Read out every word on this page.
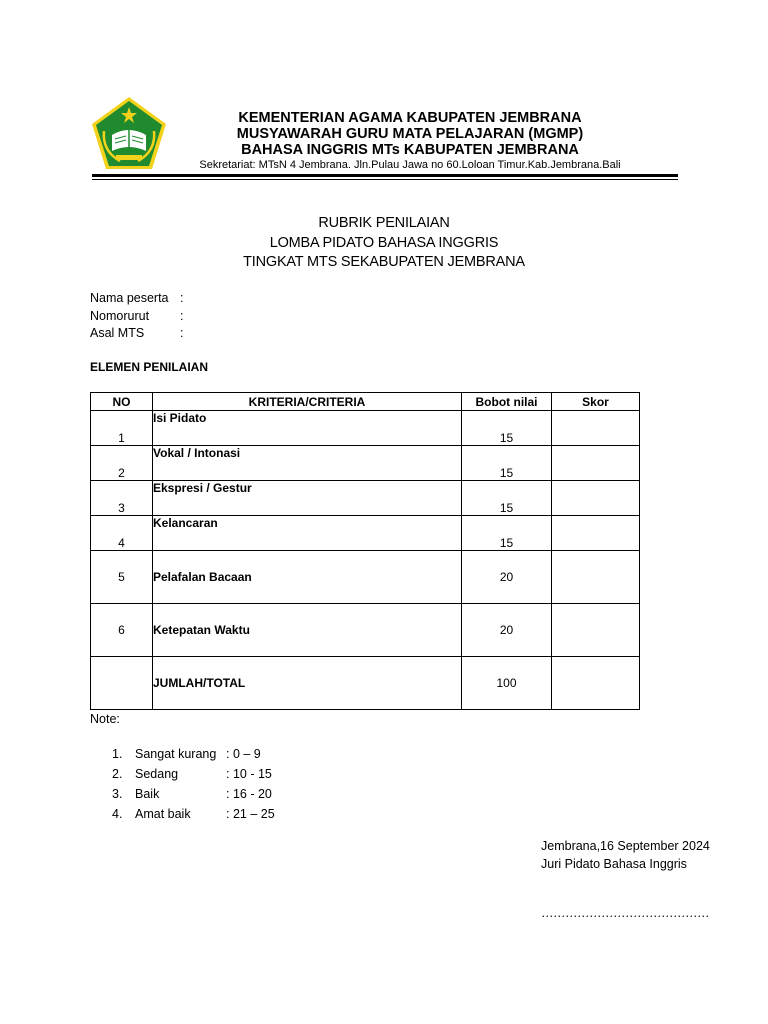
KEMENTERIAN AGAMA KABUPATEN JEMBRANA
MUSYAWARAH GURU MATA PELAJARAN (MGMP)
BAHASA INGGRIS MTs KABUPATEN JEMBRANA
Sekretariat: MTsN 4 Jembrana. Jln.Pulau Jawa no 60.Loloan Timur.Kab.Jembrana.Bali
RUBRIK PENILAIAN
LOMBA PIDATO BAHASA INGGRIS
TINGKAT MTS SEKABUPATEN JEMBRANA
Nama peserta :
Nomorurut	:
Asal MTS	:
ELEMEN PENILAIAN
NO	KRITERIA/CRITERIA	Bobot nilai	Skor
1	Isi Pidato	15	
2	Vokal / Intonasi	15	
3	Ekspresi / Gestur	15	
4	Kelancaran	15	
5	Pelafalan Bacaan	20	
6	Ketepatan Waktu	20	
	JUMLAH/TOTAL	100	
Note:
1.	Sangat kurang : 0 – 9
2.	Sedang	: 10 - 15
3.	Baik	: 16 - 20
4.	Amat baik	: 21 – 25
Jembrana,16 September 2024
Juri Pidato Bahasa Inggris
……………………………………
